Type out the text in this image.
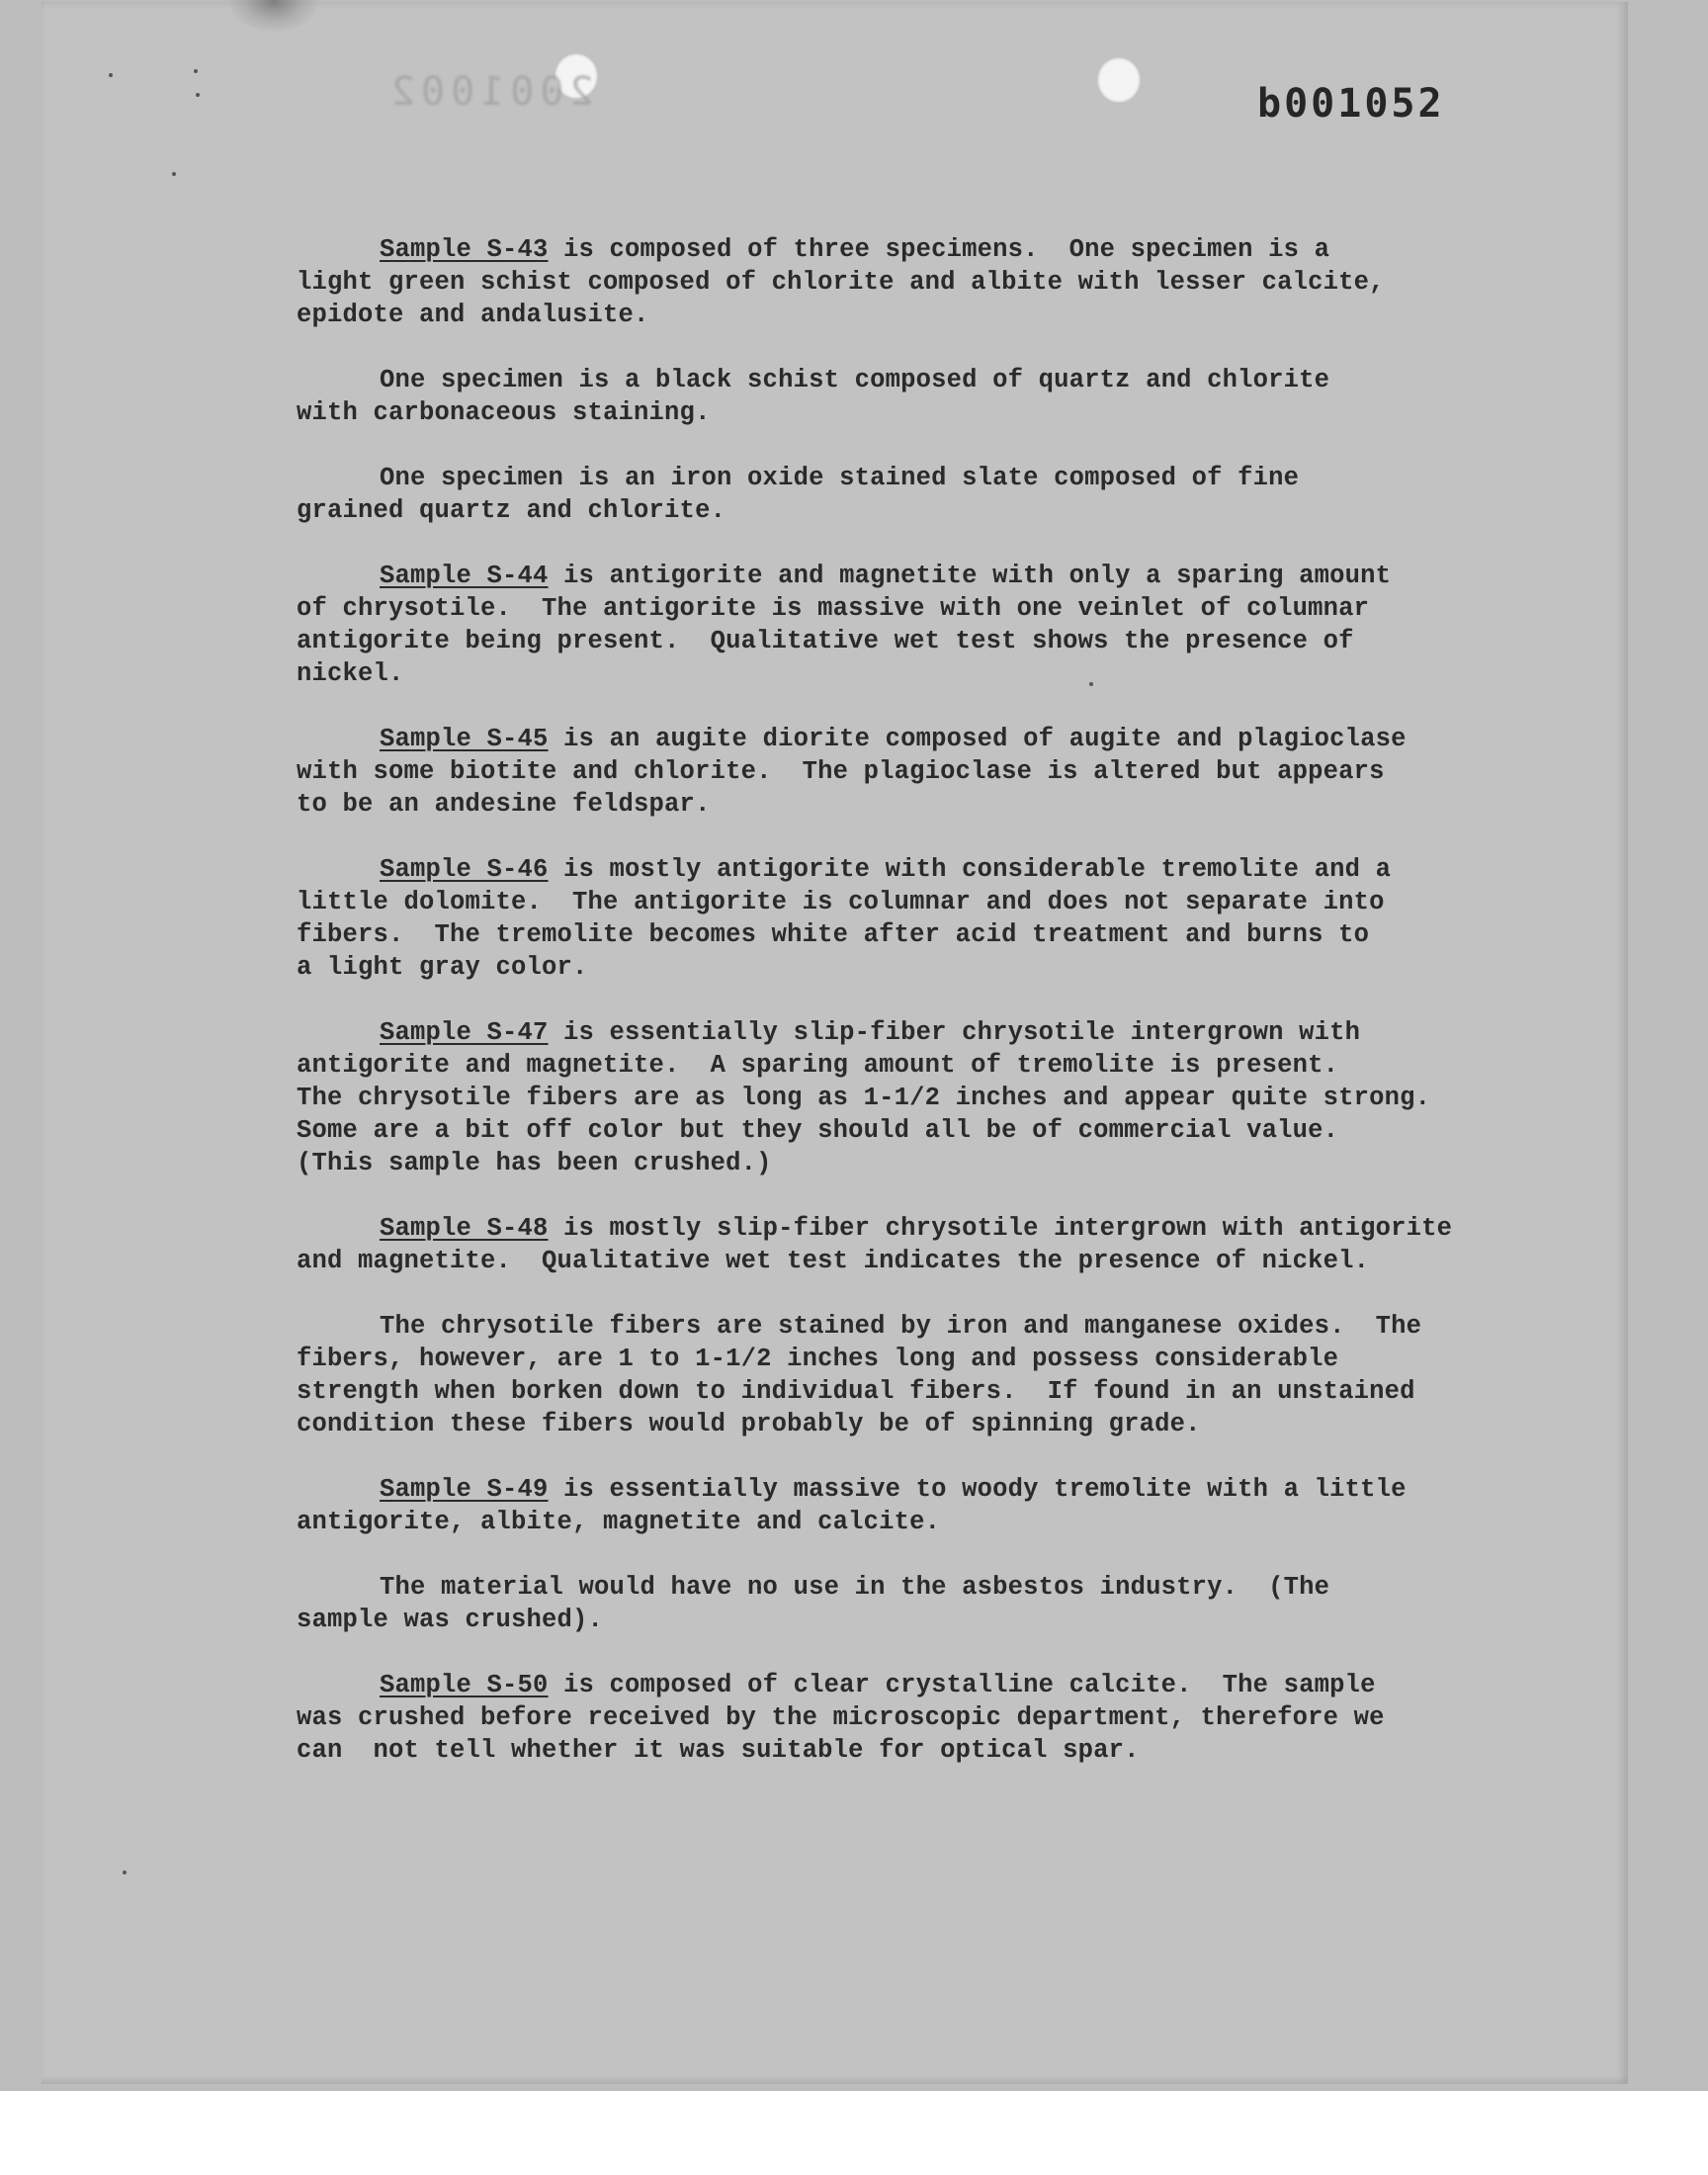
2001002	b001052
Sample S-43 is composed of three specimens.  One specimen is a
light green schist composed of chlorite and albite with lesser calcite,
epidote and andalusite.
One specimen is a black schist composed of quartz and chlorite
with carbonaceous staining.
One specimen is an iron oxide stained slate composed of fine
grained quartz and chlorite.
Sample S-44 is antigorite and magnetite with only a sparing amount
of chrysotile.  The antigorite is massive with one veinlet of columnar
antigorite being present.  Qualitative wet test shows the presence of
nickel.
Sample S-45 is an augite diorite composed of augite and plagioclase
with some biotite and chlorite.  The plagioclase is altered but appears
to be an andesine feldspar.
Sample S-46 is mostly antigorite with considerable tremolite and a
little dolomite.  The antigorite is columnar and does not separate into
fibers.  The tremolite becomes white after acid treatment and burns to
a light gray color.
Sample S-47 is essentially slip-fiber chrysotile intergrown with
antigorite and magnetite.  A sparing amount of tremolite is present.
The chrysotile fibers are as long as 1-1/2 inches and appear quite strong.
Some are a bit off color but they should all be of commercial value.
(This sample has been crushed.)
Sample S-48 is mostly slip-fiber chrysotile intergrown with antigorite
and magnetite.  Qualitative wet test indicates the presence of nickel.
The chrysotile fibers are stained by iron and manganese oxides.  The
fibers, however, are 1 to 1-1/2 inches long and possess considerable
strength when borken down to individual fibers.  If found in an unstained
condition these fibers would probably be of spinning grade.
Sample S-49 is essentially massive to woody tremolite with a little
antigorite, albite, magnetite and calcite.
The material would have no use in the asbestos industry.  (The
sample was crushed).
Sample S-50 is composed of clear crystalline calcite.  The sample
was crushed before received by the microscopic department, therefore we
can  not tell whether it was suitable for optical spar.
